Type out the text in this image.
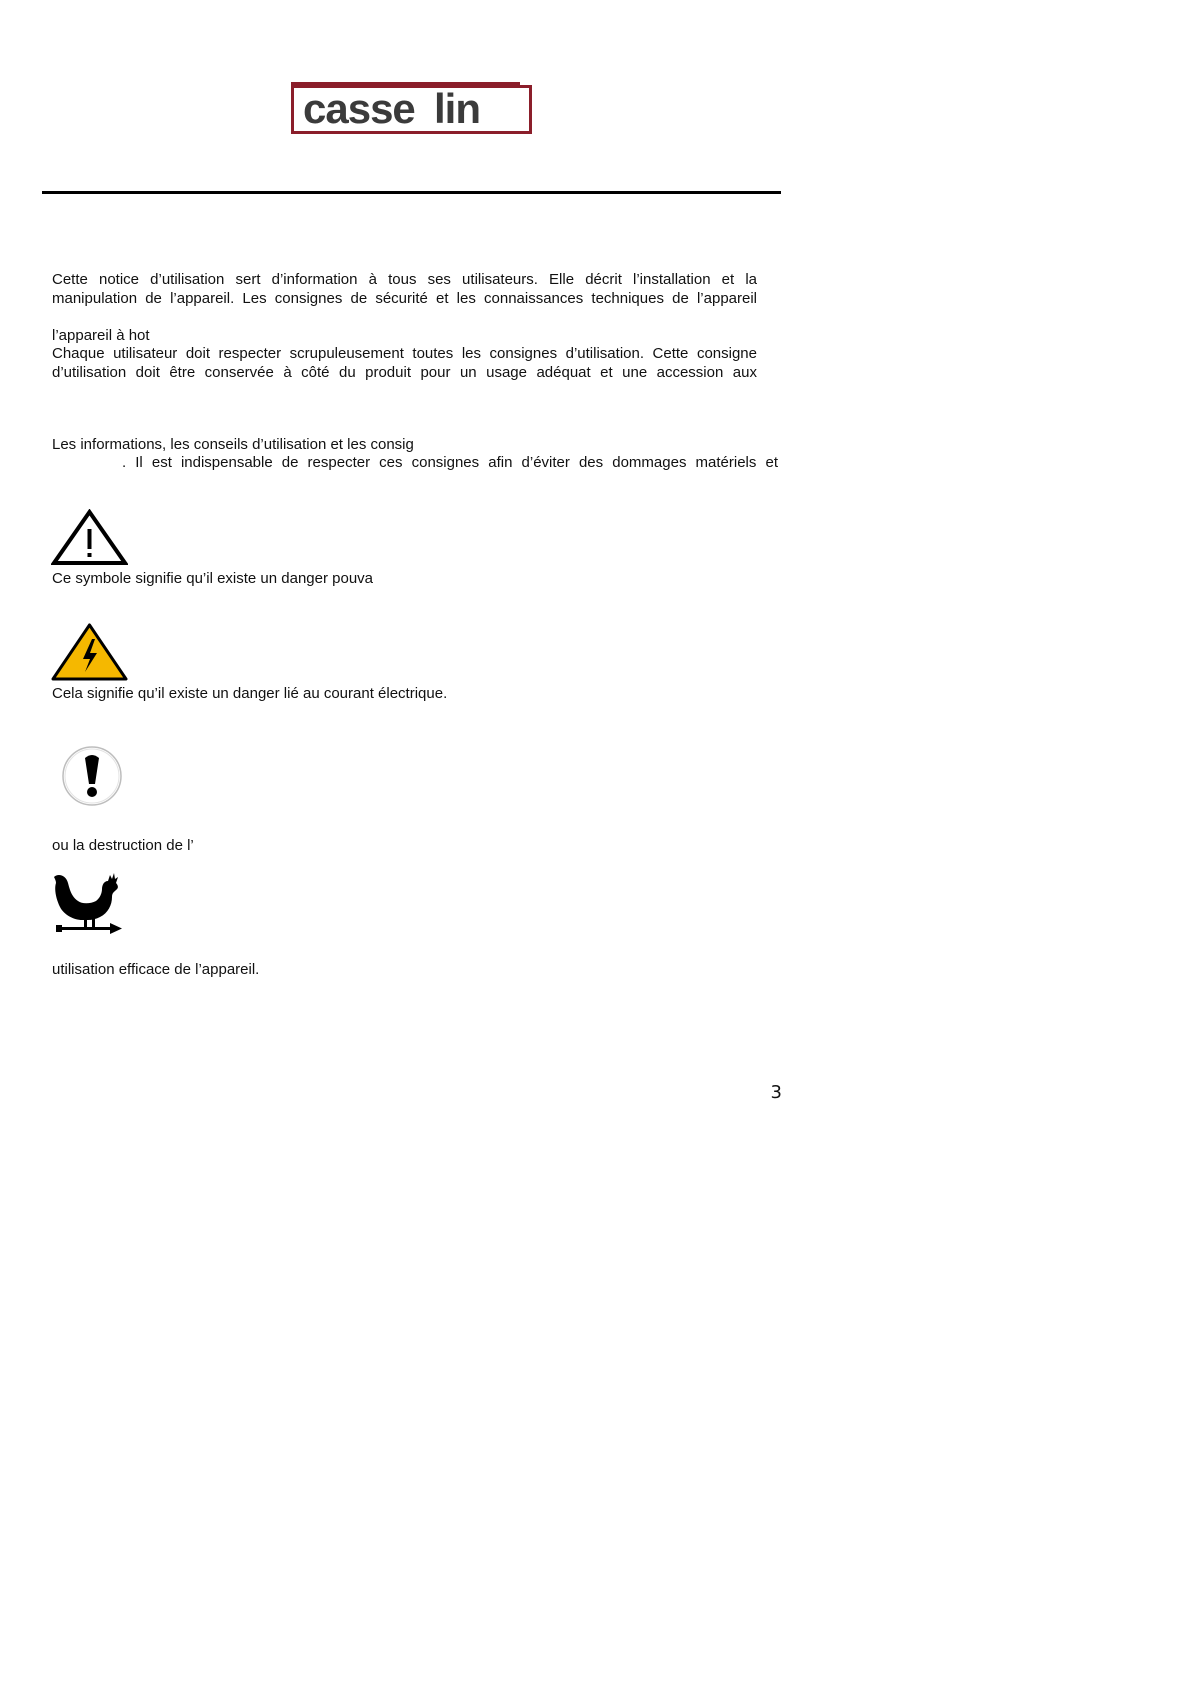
casse lin
Cette notice d’utilisation sert d’information à tous ses utilisateurs. Elle décrit l’installation et la
manipulation de l’appareil. Les consignes de sécurité et les connaissances techniques de l’appareil
l’appareil à hot
Chaque utilisateur doit respecter scrupuleusement toutes les consignes d’utilisation. Cette consigne
d’utilisation doit être conservée à côté du produit pour un usage adéquat et une accession aux
Les informations, les conseils d’utilisation et les consig
. Il est indispensable de respecter ces consignes afin d’éviter des dommages matériels et
Ce symbole signifie qu’il existe un danger pouva
Cela signifie qu’il existe un danger lié au courant électrique.
ou la destruction de l’
utilisation efficace de l’appareil.
3
